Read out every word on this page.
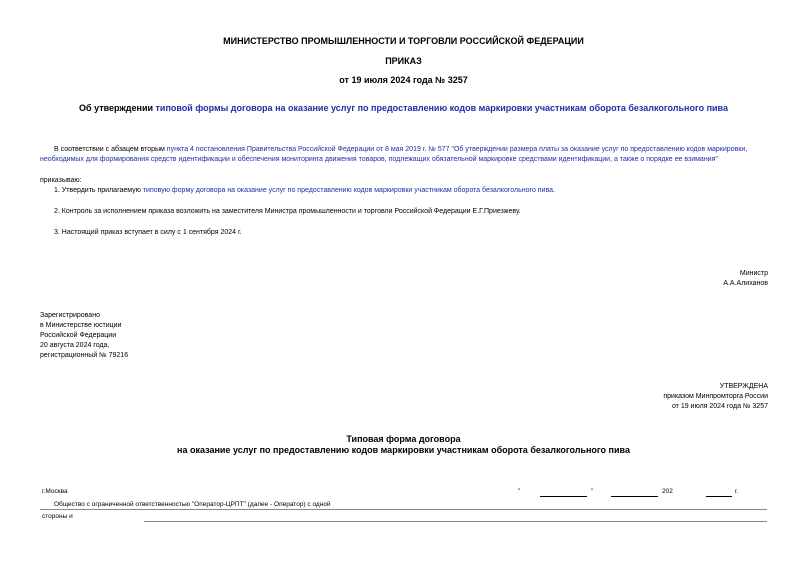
МИНИСТЕРСТВО ПРОМЫШЛЕННОСТИ И ТОРГОВЛИ РОССИЙСКОЙ ФЕДЕРАЦИИ
ПРИКАЗ
от 19 июля 2024 года № 3257
Об утверждении типовой формы договора на оказание услуг по предоставлению кодов маркировки участникам оборота безалкогольного пива
В соответствии с абзацем вторым пункта 4 постановления Правительства Российской Федерации от 8 мая 2019 г. № 577 "Об утверждении размера платы за оказание услуг по предоставлению кодов маркировки, необходимых для формирования средств идентификации и обеспечения мониторинга движения товаров, подлежащих обязательной маркировке средствами идентификации, а также о порядке ее взимания"
приказываю:
1. Утвердить прилагаемую типовую форму договора на оказание услуг по предоставлению кодов маркировки участникам оборота безалкогольного пива.
2. Контроль за исполнением приказа возложить на заместителя Министра промышленности и торговли Российской Федерации Е.Г.Приезжеву.
3. Настоящий приказ вступает в силу с 1 сентября 2024 г.
Министр
А.А.Алиханов
Зарегистрировано
в Министерстве юстиции
Российской Федерации
20 августа 2024 года,
регистрационный № 79216
УТВЕРЖДЕНА
приказом Минпромторга России
от 19 июля 2024 года № 3257
Типовая форма договора
на оказание услуг по предоставлению кодов маркировки участникам оборота безалкогольного пива
г.Москва	"	"	202	г.
Общество с ограниченной ответственностью "Оператор-ЦРПТ" (далее - Оператор) с одной
стороны и
